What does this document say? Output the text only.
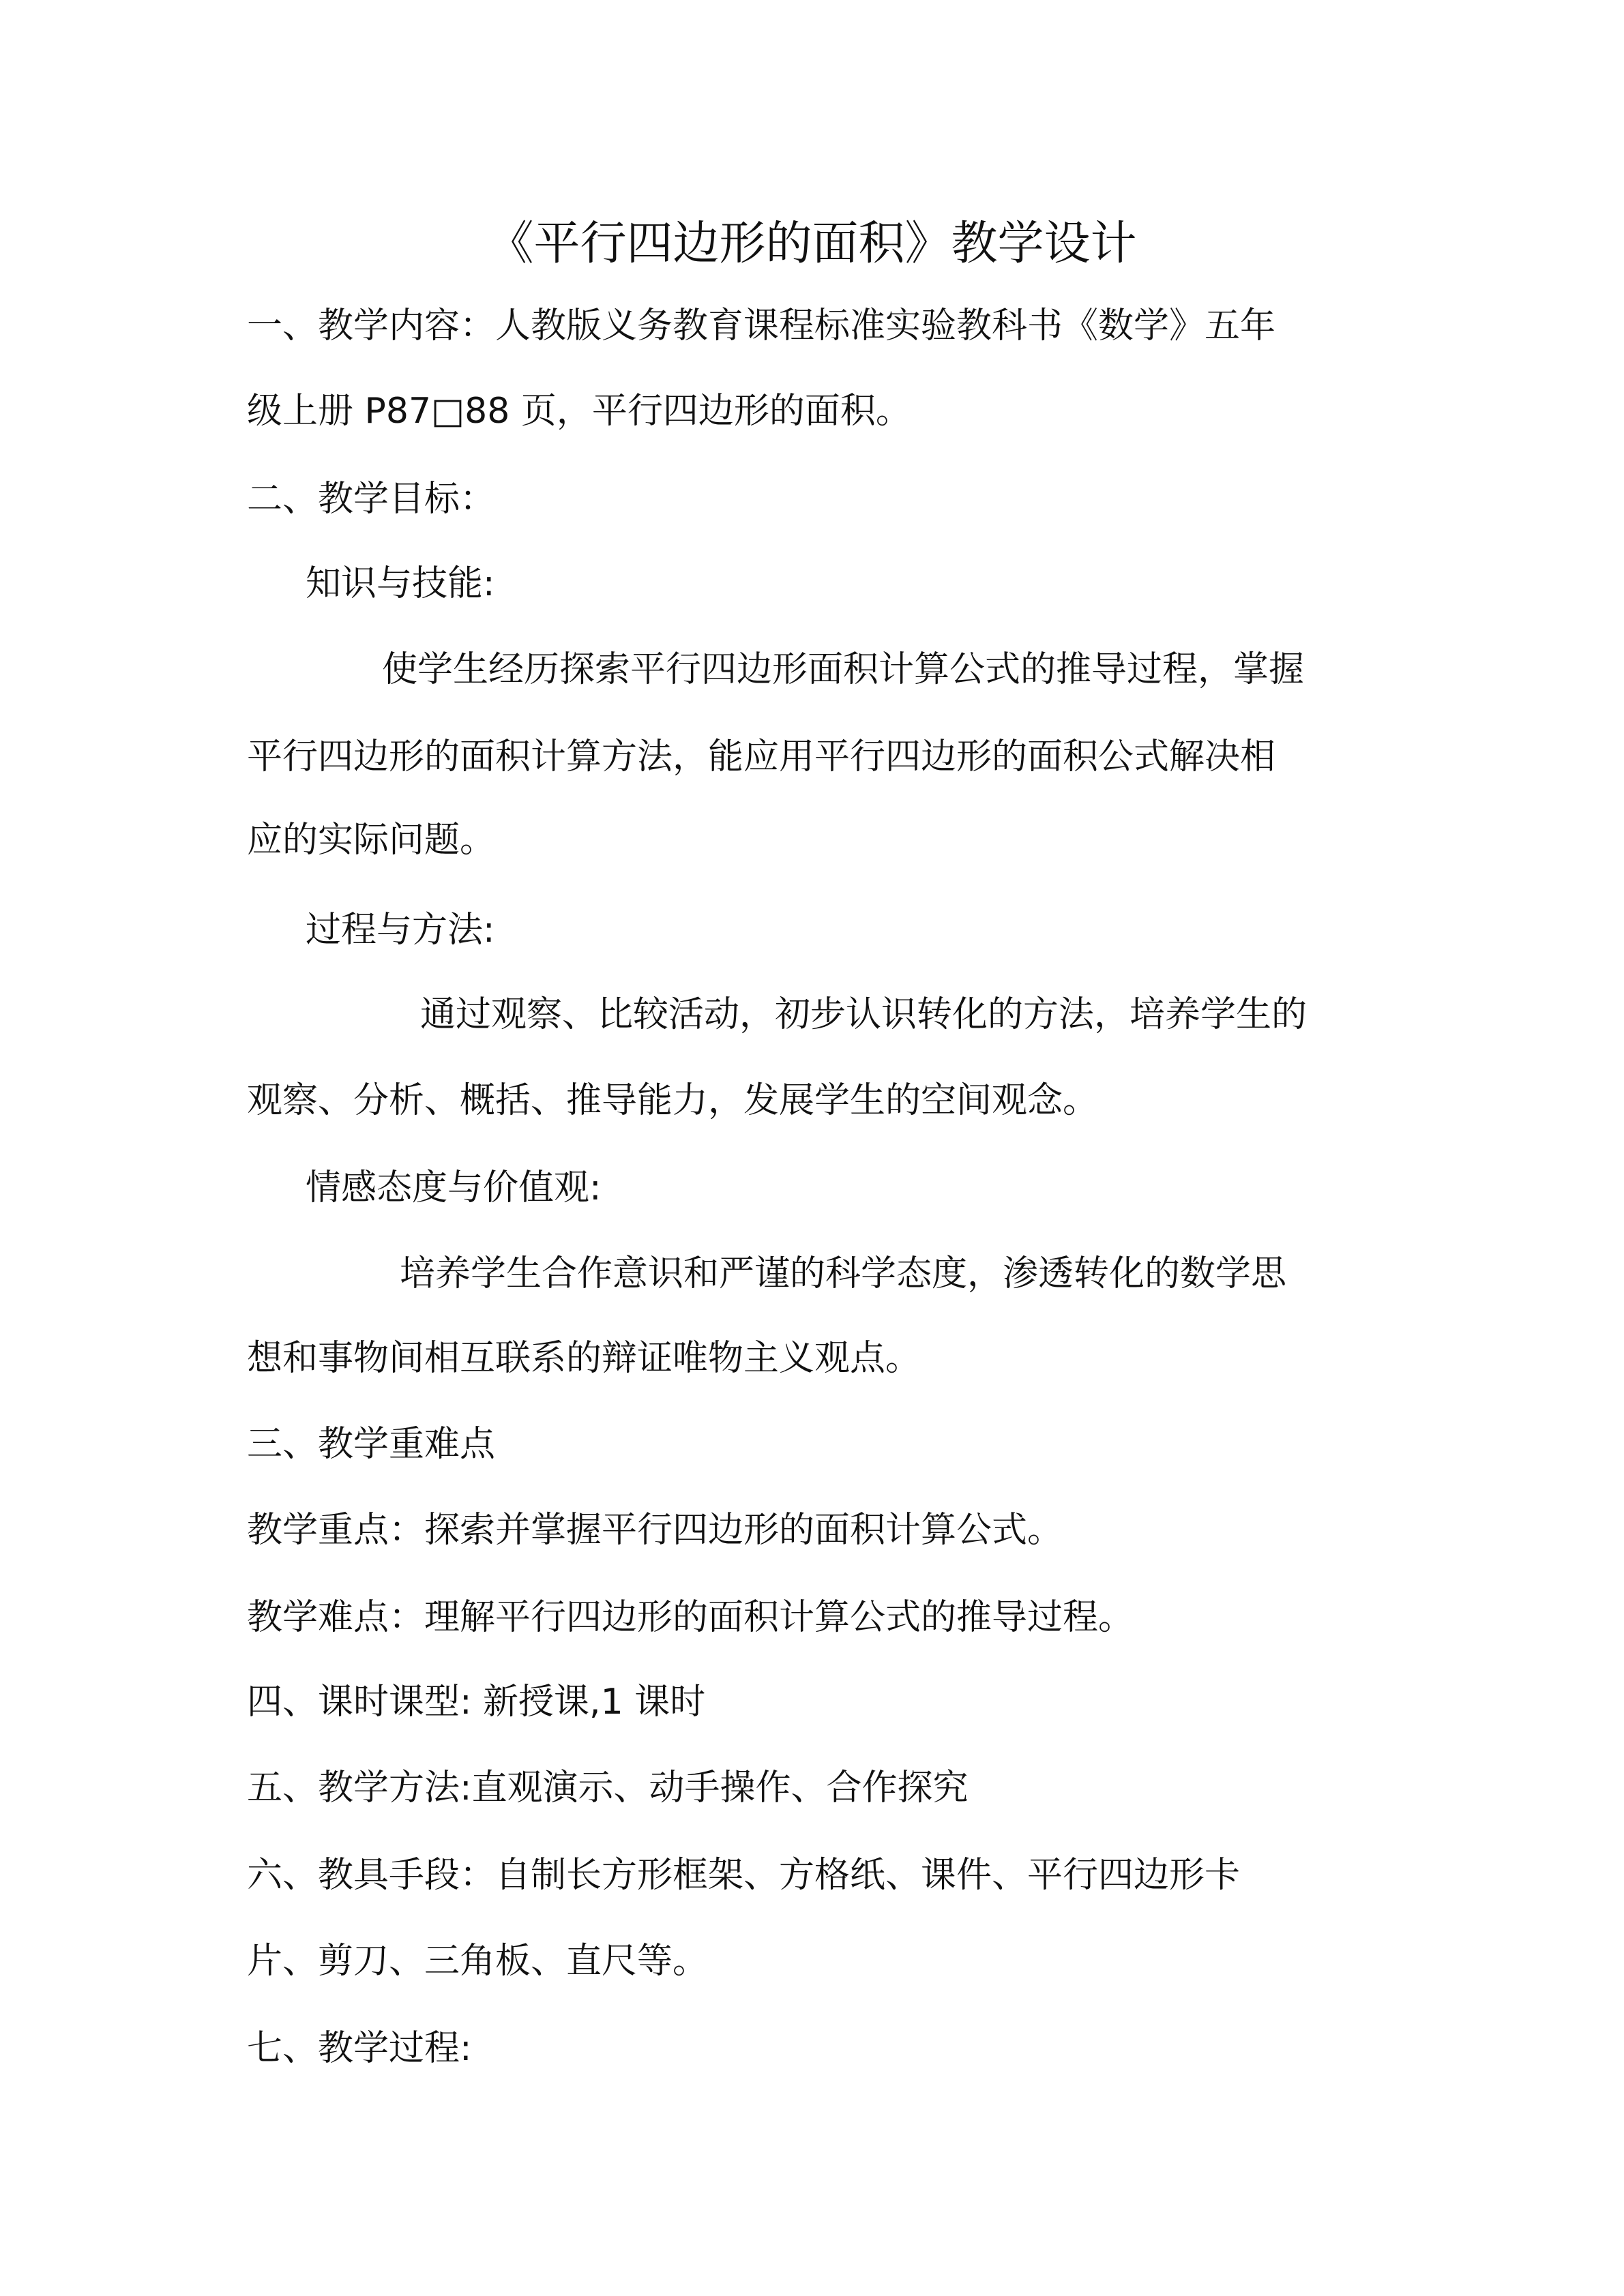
《平行四边形的面积》教学设计
一、教学内容：人教版义务教育课程标准实验教科书《数学》五年
级上册 P87□88 页，平行四边形的面积。
二、教学目标：
知识与技能:
使学生经历探索平行四边形面积计算公式的推导过程，掌握
平行四边形的面积计算方法，能应用平行四边形的面积公式解决相
应的实际问题。
过程与方法:
通过观察、比较活动，初步认识转化的方法，培养学生的
观察、分析、概括、推导能力，发展学生的空间观念。
情感态度与价值观:
培养学生合作意识和严谨的科学态度，渗透转化的数学思
想和事物间相互联系的辩证唯物主义观点。
三、教学重难点
教学重点：探索并掌握平行四边形的面积计算公式。
教学难点：理解平行四边形的面积计算公式的推导过程。
四、课时课型: 新授课,1 课时
五、教学方法:直观演示、动手操作、合作探究
六、教具手段：自制长方形框架、方格纸、课件、平行四边形卡
片、剪刀、三角板、直尺等。
七、教学过程:
